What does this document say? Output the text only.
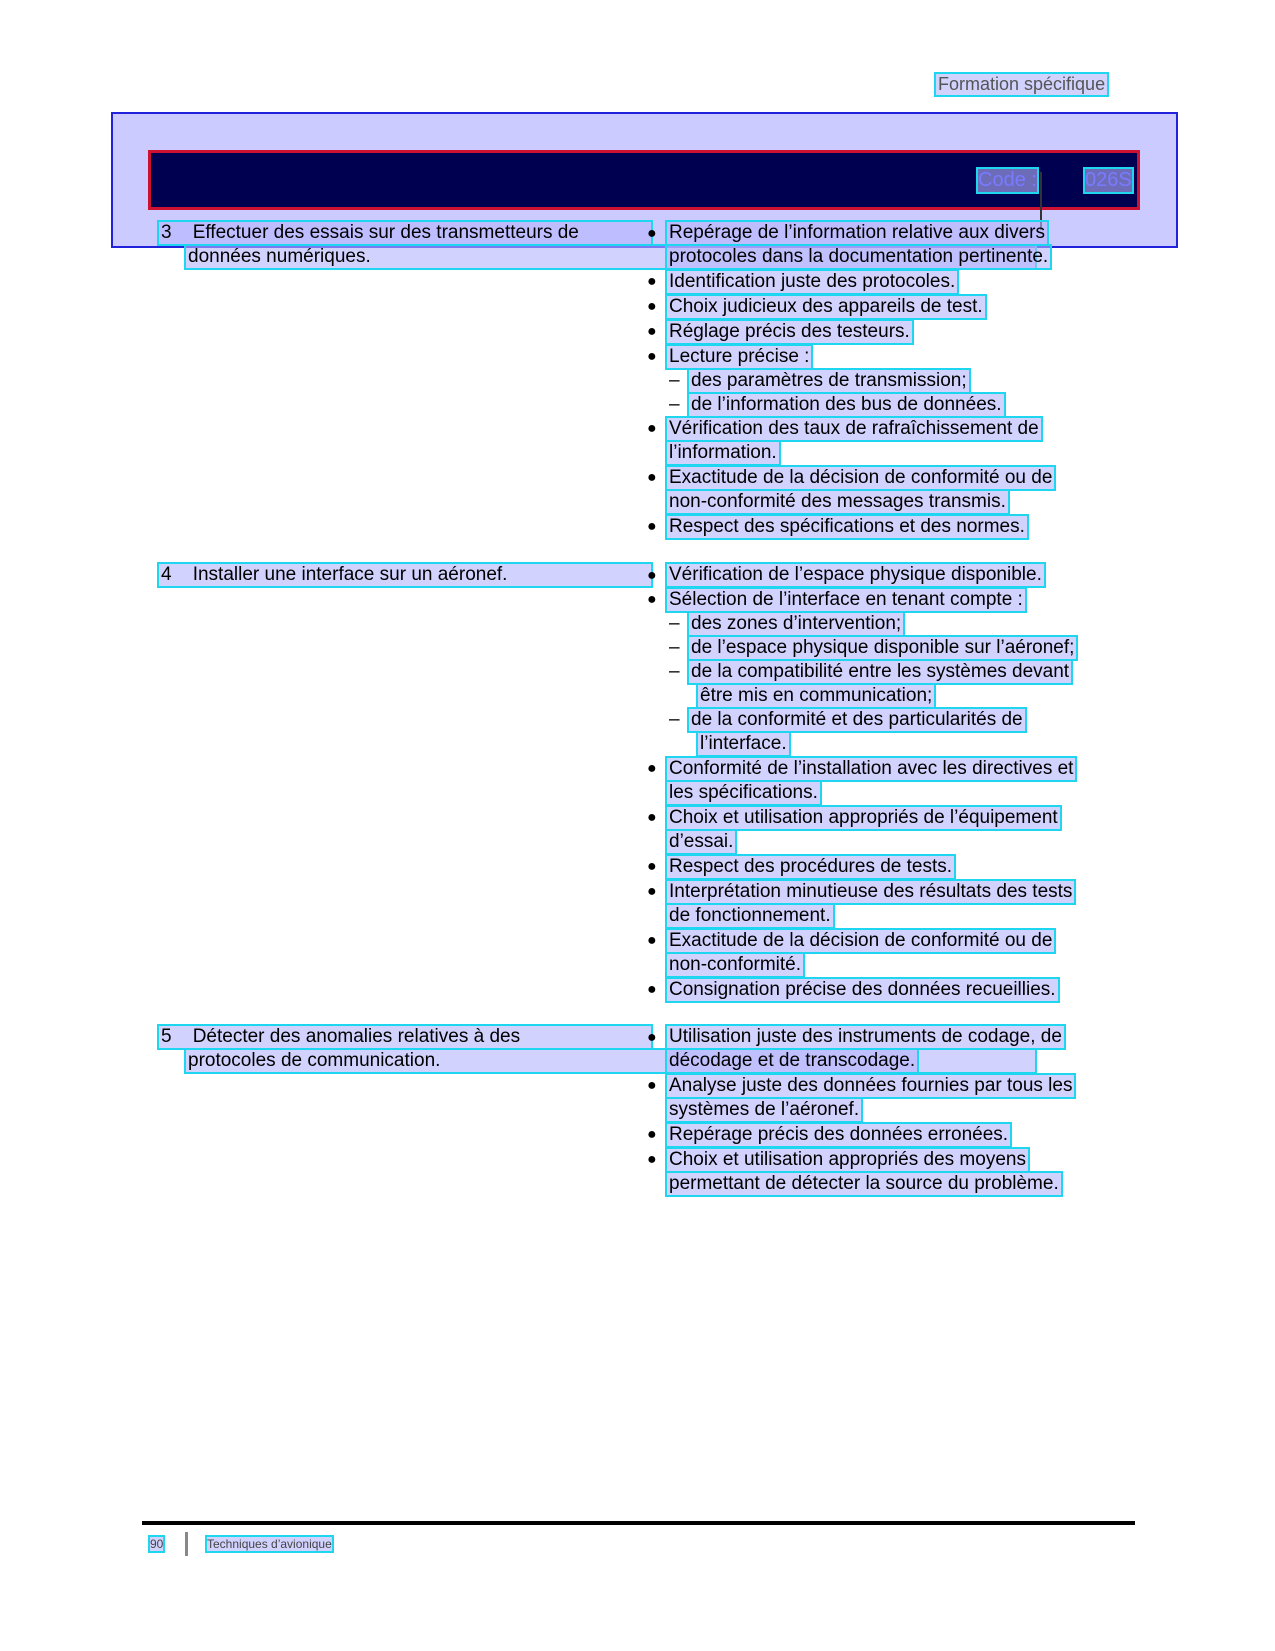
Formation spécifique
Code : 026S
3 Effectuer des essais sur des transmetteurs de
données numériques.
● Repérage de l’information relative aux divers
protocoles dans la documentation pertinente.
● Identification juste des protocoles.
● Choix judicieux des appareils de test.
● Réglage précis des testeurs.
● Lecture précise :
– des paramètres de transmission;
– de l’information des bus de données.
● Vérification des taux de rafraîchissement de
l’information.
● Exactitude de la décision de conformité ou de
non-conformité des messages transmis.
● Respect des spécifications et des normes.
4 Installer une interface sur un aéronef.	● Vérification de l’espace physique disponible.
● Sélection de l’interface en tenant compte :
– des zones d’intervention;
– de l’espace physique disponible sur l’aéronef;
– de la compatibilité entre les systèmes devant
être mis en communication;
– de la conformité et des particularités de
l’interface.
● Conformité de l’installation avec les directives et
les spécifications.
● Choix et utilisation appropriés de l’équipement
d’essai.
● Respect des procédures de tests.
● Interprétation minutieuse des résultats des tests
de fonctionnement.
● Exactitude de la décision de conformité ou de
non-conformité.
● Consignation précise des données recueillies.
5 Détecter des anomalies relatives à des
protocoles de communication.
● Utilisation juste des instruments de codage, de
décodage et de transcodage.
● Analyse juste des données fournies par tous les
systèmes de l’aéronef.
● Repérage précis des données erronées.
● Choix et utilisation appropriés des moyens
permettant de détecter la source du problème.
90	Techniques d’avionique
